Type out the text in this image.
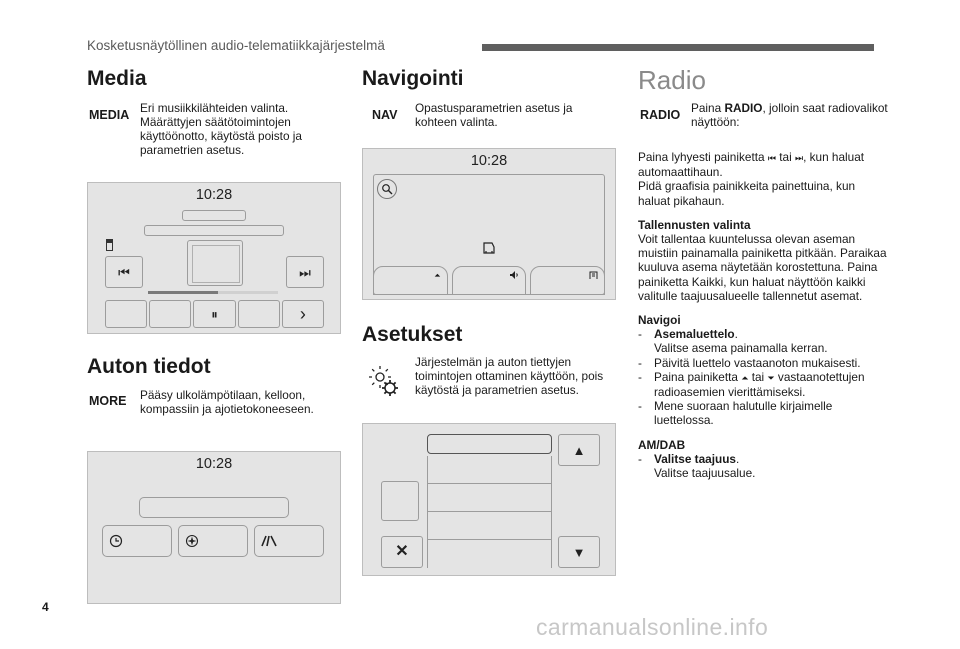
Kosketusnäytöllinen audio-telematiikkajärjestelmä
Media
MEDIA Eri musiikkilähteiden valinta. Määrättyjen säätötoimintojen käyttöönotto, käytöstä poisto ja parametrien asetus.
10:28
⏮	⏭
⏸	›
Auton tiedot
MORE Pääsy ulkolämpötilaan, kelloon, kompassiin ja ajotietokoneeseen.
10:28
Navigointi
NAV Opastusparametrien asetus ja kohteen valinta.
10:28
⏶
Asetukset
Järjestelmän ja auton tiettyjen toimintojen ottaminen käyttöön, pois käytöstä ja parametrien asetus.
✕
▲
▼
Radio
RADIO Paina RADIO, jolloin saat radiovalikot näyttöön:

Paina lyhyesti painiketta ⏮ tai ⏭, kun haluat automaattihaun.
Pidä graafisia painikkeita painettuina, kun haluat pikahaun.

Tallennusten valinta
Voit tallentaa kuuntelussa olevan aseman muistiin painamalla painiketta pitkään. Paraikaa kuuluva asema näytetään korostettuna. Paina painiketta Kaikki, kun haluat näyttöön kaikki valitulle taajuusalueelle tallennetut asemat.

Navigoi
-	Asemaluettelo.
Valitse asema painamalla kerran.
-	Päivitä luettelo vastaanoton mukaisesti.
-	Paina painiketta ⏶ tai ⏷ vastaanotettujen radioasemien vierittämiseksi.
-	Mene suoraan halutulle kirjaimelle luettelossa.
AM/DAB
-	Valitse taajuus.
Valitse taajuusalue.
4
carmanualsonline.info
